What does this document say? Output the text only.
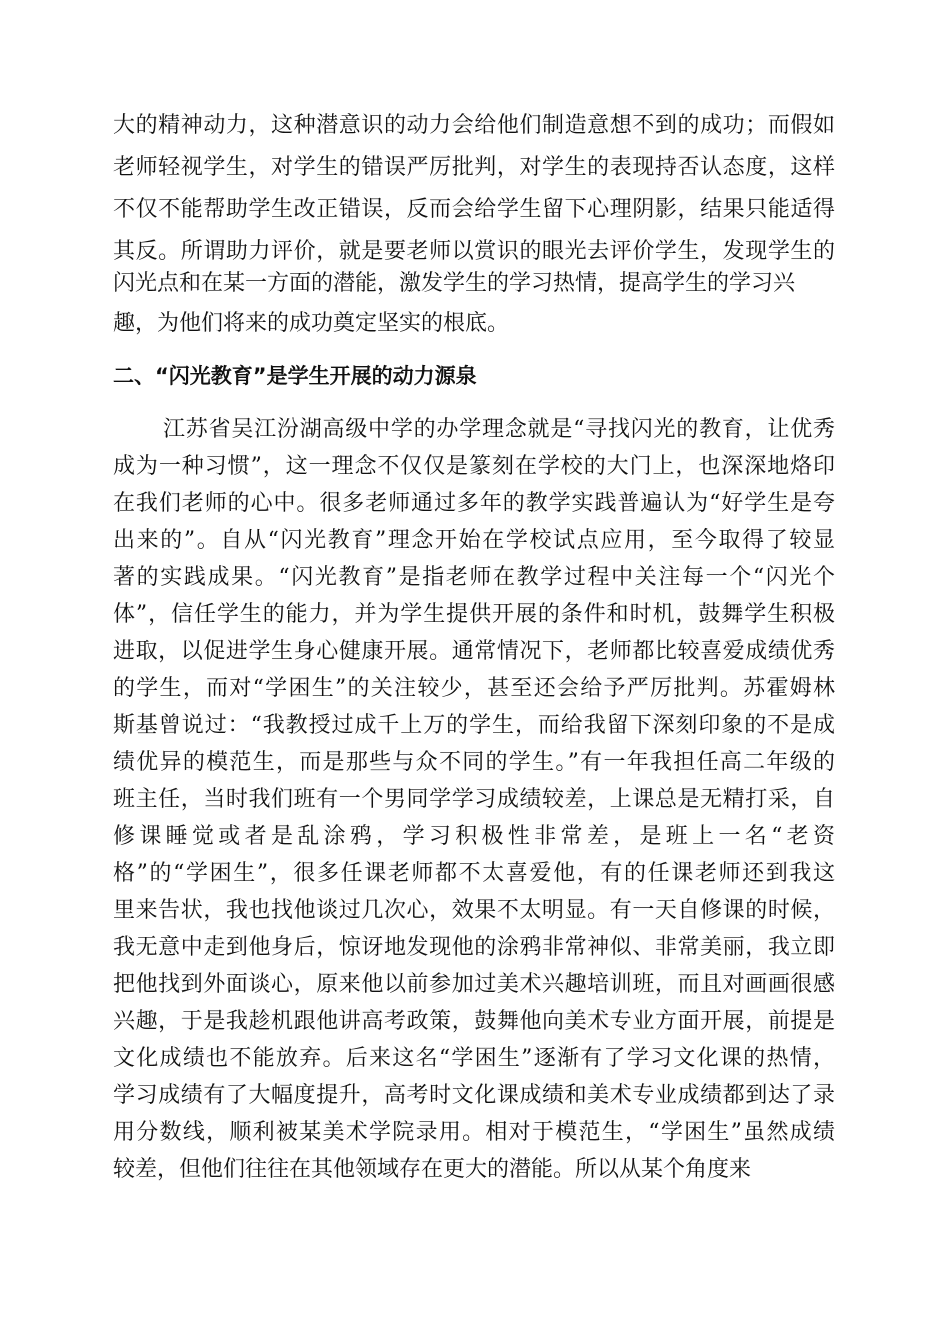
大的精神动力，这种潜意识的动力会给他们制造意想不到的成功；而假如
老师轻视学生，对学生的错误严厉批判，对学生的表现持否认态度，这样
不仅不能帮助学生改正错误，反而会给学生留下心理阴影，结果只能适得
其反。所谓助力评价，就是要老师以赏识的眼光去评价学生，发现学生的
闪光点和在某一方面的潜能，激发学生的学习热情，提高学生的学习兴
趣，为他们将来的成功奠定坚实的根底。
二、“闪光教育”是学生开展的动力源泉
江苏省吴江汾湖高级中学的办学理念就是“寻找闪光的教育，让优秀
成为一种习惯”，这一理念不仅仅是篆刻在学校的大门上，也深深地烙印
在我们老师的心中。很多老师通过多年的教学实践普遍认为“好学生是夸
出来的”。自从“闪光教育”理念开始在学校试点应用，至今取得了较显
著的实践成果。“闪光教育”是指老师在教学过程中关注每一个“闪光个
体”，信任学生的能力，并为学生提供开展的条件和时机，鼓舞学生积极
进取，以促进学生身心健康开展。通常情况下，老师都比较喜爱成绩优秀
的学生，而对“学困生”的关注较少，甚至还会给予严厉批判。苏霍姆林
斯基曾说过：“我教授过成千上万的学生，而给我留下深刻印象的不是成
绩优异的模范生，而是那些与众不同的学生。”有一年我担任高二年级的
班主任，当时我们班有一个男同学学习成绩较差，上课总是无精打采，自
修课睡觉或者是乱涂鸦，学习积极性非常差，是班上一名“老资
格”的“学困生”，很多任课老师都不太喜爱他，有的任课老师还到我这
里来告状，我也找他谈过几次心，效果不太明显。有一天自修课的时候，
我无意中走到他身后，惊讶地发现他的涂鸦非常神似、非常美丽，我立即
把他找到外面谈心，原来他以前参加过美术兴趣培训班，而且对画画很感
兴趣，于是我趁机跟他讲高考政策，鼓舞他向美术专业方面开展，前提是
文化成绩也不能放弃。后来这名“学困生”逐渐有了学习文化课的热情，
学习成绩有了大幅度提升，高考时文化课成绩和美术专业成绩都到达了录
用分数线，顺利被某美术学院录用。相对于模范生，“学困生”虽然成绩
较差，但他们往往在其他领域存在更大的潜能。所以从某个角度来
